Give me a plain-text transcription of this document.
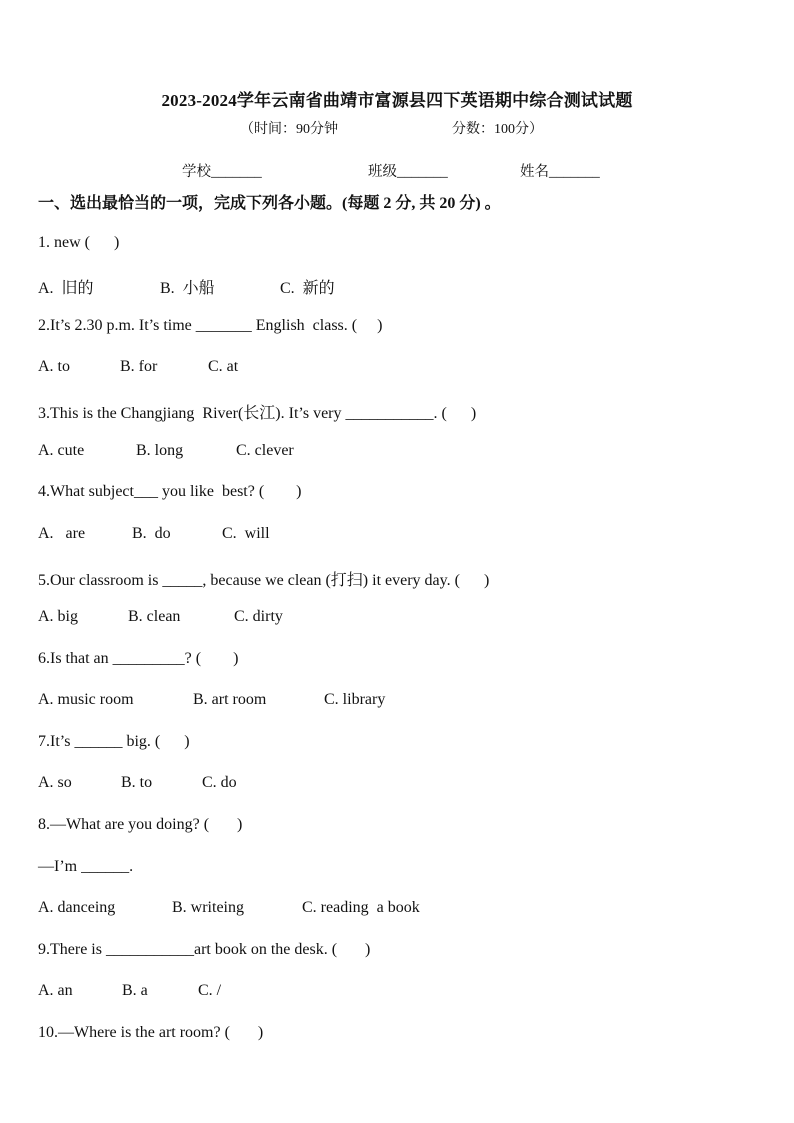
2023-2024学年云南省曲靖市富源县四下英语期中综合测试试题
（时间：90分钟	分数：100分）
学校_______	班级_______	姓名_______
一、选出最恰当的一项，完成下列各小题。(每题 2 分, 共 20 分) 。
1. new (      )
A.  旧的	B.  小船	C.  新的
2.It’s 2.30 p.m. It’s time _______ English  class. (     )
A. to	B. for	C. at
3.This is the Changjiang  River(长江). It’s very ___________. (      )
A. cute	B. long	C. clever
4.What subject___ you like  best? (        )
A.   are	B.  do	C.  will
5.Our classroom is _____, because we clean (打扫) it every day. (      )
A. big	B. clean	C. dirty
6.Is that an _________? (        )
A. music room	B. art room	C. library
7.It’s ______ big. (      )
A. so	B. to	C. do
8.—What are you doing? (       )
—I’m ______.
A. danceing	B. writeing	C. reading  a book
9.There is ___________art book on the desk. (       )
A. an	B. a	C. /
10.—Where is the art room? (       )
